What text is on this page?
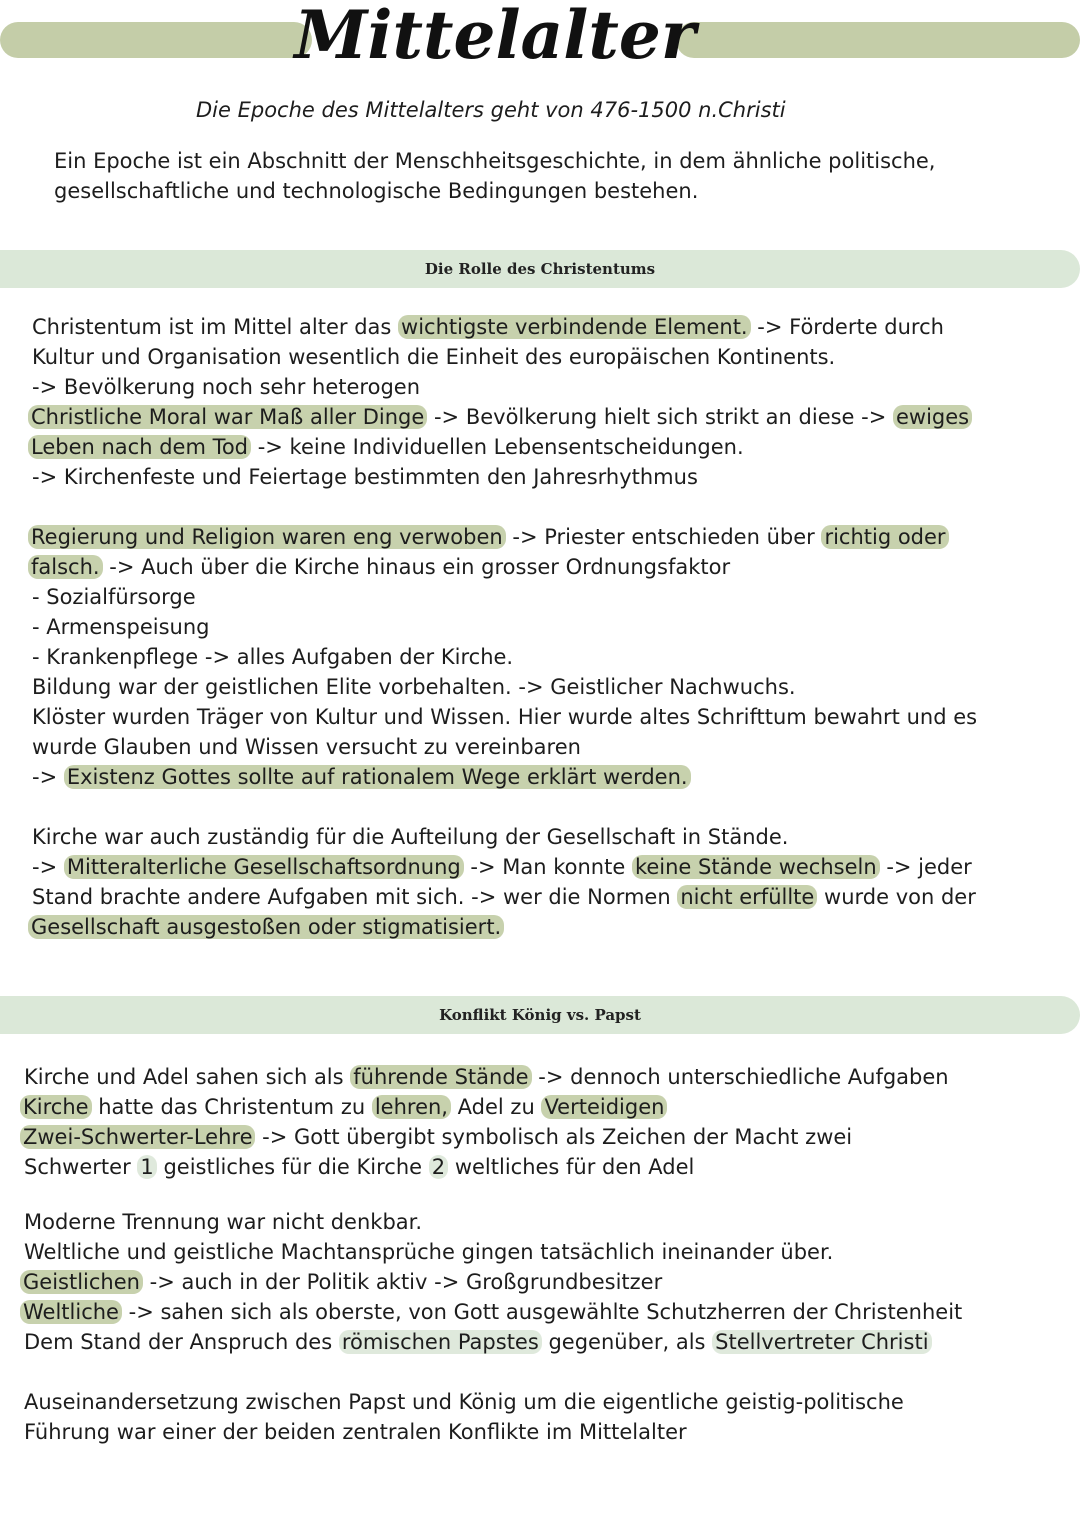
Mittelalter
Die Epoche des Mittelalters geht von 476-1500 n.Christi
Ein Epoche ist ein Abschnitt der Menschheitsgeschichte, in dem ähnliche politische,
gesellschaftliche und technologische Bedingungen bestehen.
Die Rolle des Christentums
Christentum ist im Mittel alter das wichtigste verbindende Element. -> Förderte durch
Kultur und Organisation wesentlich die Einheit des europäischen Kontinents.
-> Bevölkerung noch sehr heterogen
Christliche Moral war Maß aller Dinge -> Bevölkerung hielt sich strikt an diese -> ewiges
Leben nach dem Tod -> keine Individuellen Lebensentscheidungen.
-> Kirchenfeste und Feiertage bestimmten den Jahresrhythmus
Regierung und Religion waren eng verwoben -> Priester entschieden über richtig oder
falsch. -> Auch über die Kirche hinaus ein grosser Ordnungsfaktor
- Sozialfürsorge
- Armenspeisung
- Krankenpflege -> alles Aufgaben der Kirche.
Bildung war der geistlichen Elite vorbehalten. -> Geistlicher Nachwuchs.
Klöster wurden Träger von Kultur und Wissen. Hier wurde altes Schrifttum bewahrt und es
wurde Glauben und Wissen versucht zu vereinbaren
-> Existenz Gottes sollte auf rationalem Wege erklärt werden.
Kirche war auch zuständig für die Aufteilung der Gesellschaft in Stände.
-> Mitteralterliche Gesellschaftsordnung -> Man konnte keine Stände wechseln -> jeder
Stand brachte andere Aufgaben mit sich. -> wer die Normen nicht erfüllte wurde von der
Gesellschaft ausgestoßen oder stigmatisiert.
Konflikt König vs. Papst
Kirche und Adel sahen sich als führende Stände -> dennoch unterschiedliche Aufgaben
Kirche hatte das Christentum zu lehren, Adel zu Verteidigen
Zwei-Schwerter-Lehre -> Gott übergibt symbolisch als Zeichen der Macht zwei
Schwerter 1 geistliches für die Kirche 2 weltliches für den Adel
Moderne Trennung war nicht denkbar.
Weltliche und geistliche Machtansprüche gingen tatsächlich ineinander über.
Geistlichen -> auch in der Politik aktiv -> Großgrundbesitzer
Weltliche -> sahen sich als oberste, von Gott ausgewählte Schutzherren der Christenheit
Dem Stand der Anspruch des römischen Papstes gegenüber, als Stellvertreter Christi
Auseinandersetzung zwischen Papst und König um die eigentliche geistig-politische
Führung war einer der beiden zentralen Konflikte im Mittelalter
